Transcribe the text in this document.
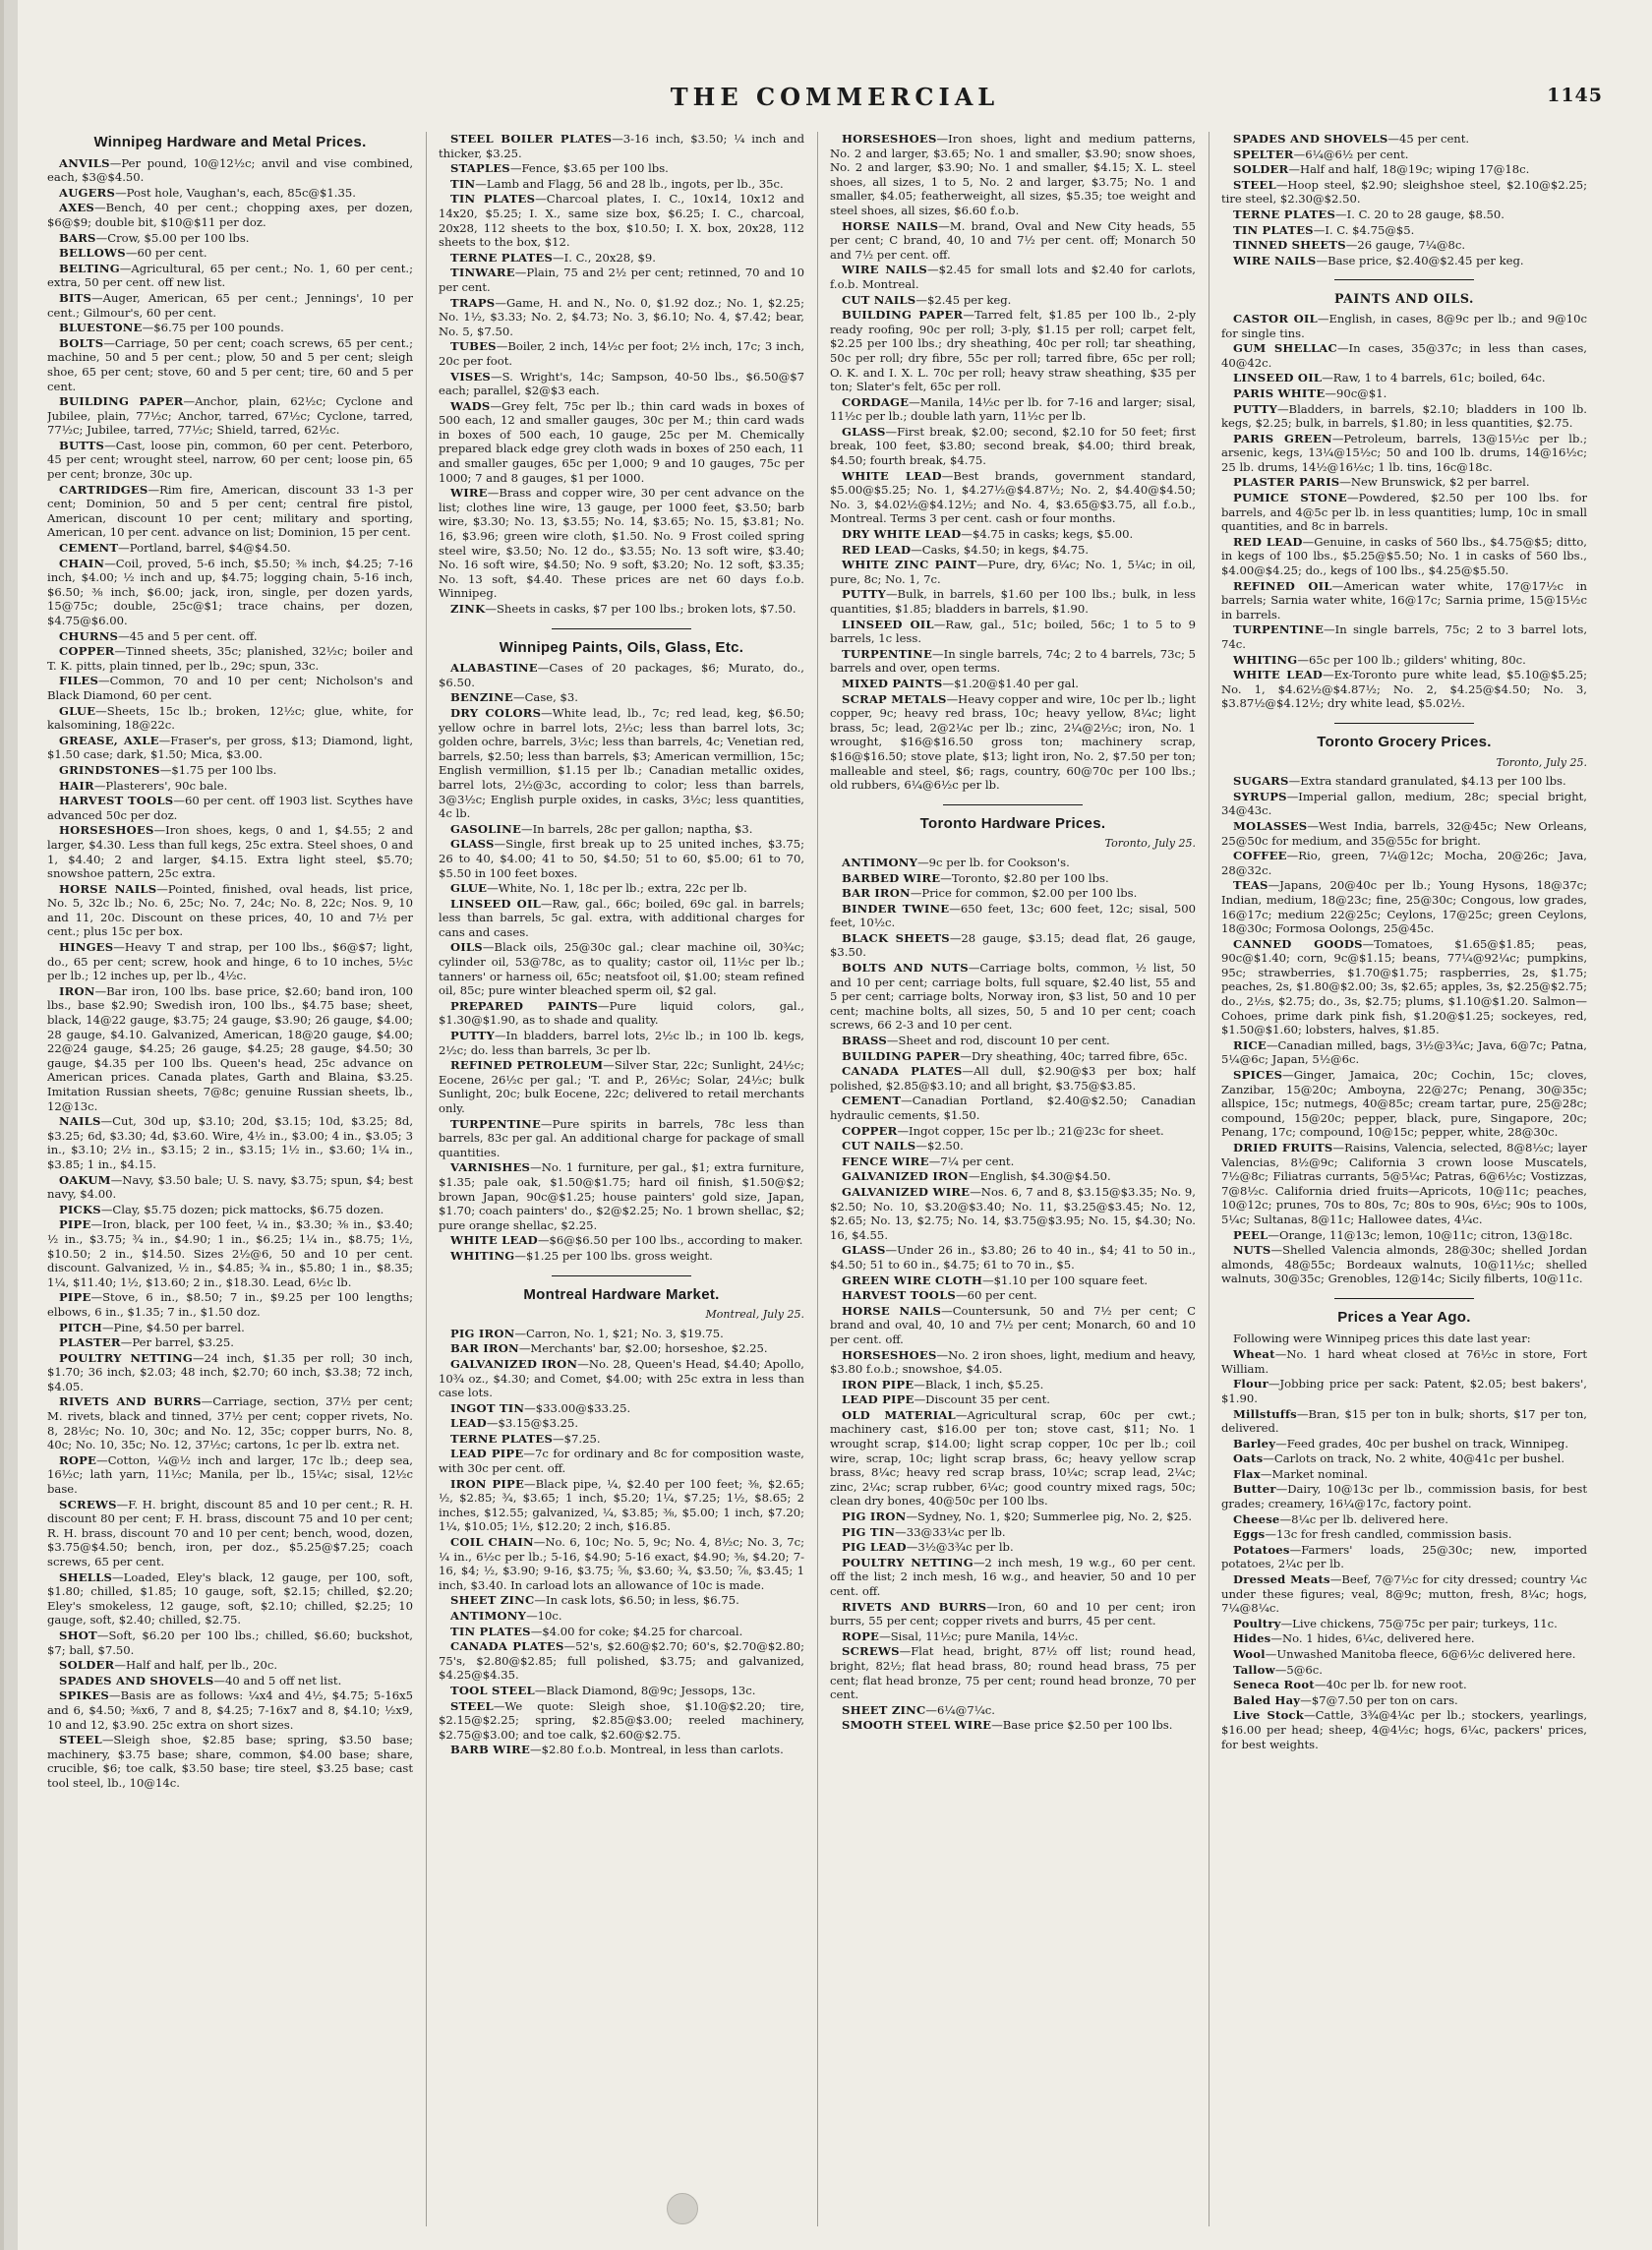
THE COMMERCIAL	1145
Winnipeg Hardware and Metal Prices.
ANVILS—Per pound, 10@12½c; anvil and vise combined, each, $3@$4.50.
AUGERS—Post hole, Vaughan's, each, 85c@$1.35.
AXES—Bench, 40 per cent.; chopping axes, per dozen, $6@$9; double bit, $10@$11 per doz.
BARS—Crow, $5.00 per 100 lbs.
BELLOWS—60 per cent.
BELTING—Agricultural, 65 per cent.; No. 1, 60 per cent.; extra, 50 per cent. off new list.
BITS—Auger, American, 65 per cent.; Jennings', 10 per cent.; Gilmour's, 60 per cent.
BLUESTONE—$6.75 per 100 pounds.
BOLTS—Carriage, 50 per cent; coach screws, 65 per cent.; machine, 50 and 5 per cent.; plow, 50 and 5 per cent; sleigh shoe, 65 per cent; stove, 60 and 5 per cent; tire, 60 and 5 per cent.
BUILDING PAPER—Anchor, plain, 62½c; Cyclone and Jubilee, plain, 77½c; Anchor, tarred, 67½c; Cyclone, tarred, 77½c; Jubilee, tarred, 77½c; Shield, tarred, 62½c.
BUTTS—Cast, loose pin, common, 60 per cent. Peterboro, 45 per cent; wrought steel, narrow, 60 per cent; loose pin, 65 per cent; bronze, 30c up.
CARTRIDGES—Rim fire, American, discount 33 1-3 per cent; Dominion, 50 and 5 per cent; central fire pistol, American, discount 10 per cent; military and sporting, American, 10 per cent. advance on list; Dominion, 15 per cent.
CEMENT—Portland, barrel, $4@$4.50.
CHAIN—Coil, proved, 5-6 inch, $5.50; ⅜ inch, $4.25; 7-16 inch, $4.00; ½ inch and up, $4.75; logging chain, 5-16 inch, $6.50; ⅜ inch, $6.00; jack, iron, single, per dozen yards, 15@75c; double, 25c@$1; trace chains, per dozen, $4.75@$6.00.
CHURNS—45 and 5 per cent. off.
COPPER—Tinned sheets, 35c; planished, 32½c; boiler and T. K. pitts, plain tinned, per lb., 29c; spun, 33c.
FILES—Common, 70 and 10 per cent; Nicholson's and Black Diamond, 60 per cent.
GLUE—Sheets, 15c lb.; broken, 12½c; glue, white, for kalsomining, 18@22c.
GREASE, AXLE—Fraser's, per gross, $13; Diamond, light, $1.50 case; dark, $1.50; Mica, $3.00.
GRINDSTONES—$1.75 per 100 lbs.
HAIR—Plasterers', 90c bale.
HARVEST TOOLS—60 per cent. off 1903 list. Scythes have advanced 50c per doz.
HORSESHOES—Iron shoes, kegs, 0 and 1, $4.55; 2 and larger, $4.30. Less than full kegs, 25c extra. Steel shoes, 0 and 1, $4.40; 2 and larger, $4.15. Extra light steel, $5.70; snowshoe pattern, 25c extra.
HORSE NAILS—Pointed, finished, oval heads, list price, No. 5, 32c lb.; No. 6, 25c; No. 7, 24c; No. 8, 22c; Nos. 9, 10 and 11, 20c. Discount on these prices, 40, 10 and 7½ per cent.; plus 15c per box.
HINGES—Heavy T and strap, per 100 lbs., $6@$7; light, do., 65 per cent; screw, hook and hinge, 6 to 10 inches, 5½c per lb.; 12 inches up, per lb., 4½c.
IRON—Bar iron, 100 lbs. base price, $2.60; band iron, 100 lbs., base $2.90; Swedish iron, 100 lbs., $4.75 base; sheet, black, 14@22 gauge, $3.75; 24 gauge, $3.90; 26 gauge, $4.00; 28 gauge, $4.10. Galvanized, American, 18@20 gauge, $4.00; 22@24 gauge, $4.25; 26 gauge, $4.25; 28 gauge, $4.50; 30 gauge, $4.35 per 100 lbs. Queen's head, 25c advance on American prices. Canada plates, Garth and Blaina, $3.25. Imitation Russian sheets, 7@8c; genuine Russian sheets, lb., 12@13c.
NAILS—Cut, 30d up, $3.10; 20d, $3.15; 10d, $3.25; 8d, $3.25; 6d, $3.30; 4d, $3.60. Wire, 4½ in., $3.00; 4 in., $3.05; 3 in., $3.10; 2½ in., $3.15; 2 in., $3.15; 1½ in., $3.60; 1¼ in., $3.85; 1 in., $4.15.
OAKUM—Navy, $3.50 bale; U. S. navy, $3.75; spun, $4; best navy, $4.00.
PICKS—Clay, $5.75 dozen; pick mattocks, $6.75 dozen.
PIPE—Iron, black, per 100 feet, ¼ in., $3.30; ⅜ in., $3.40; ½ in., $3.75; ¾ in., $4.90; 1 in., $6.25; 1¼ in., $8.75; 1½, $10.50; 2 in., $14.50. Sizes 2½@6, 50 and 10 per cent. discount. Galvanized, ½ in., $4.85; ¾ in., $5.80; 1 in., $8.35; 1¼, $11.40; 1½, $13.60; 2 in., $18.30. Lead, 6½c lb.
PIPE—Stove, 6 in., $8.50; 7 in., $9.25 per 100 lengths; elbows, 6 in., $1.35; 7 in., $1.50 doz.
PITCH—Pine, $4.50 per barrel.
PLASTER—Per barrel, $3.25.
POULTRY NETTING—24 inch, $1.35 per roll; 30 inch, $1.70; 36 inch, $2.03; 48 inch, $2.70; 60 inch, $3.38; 72 inch, $4.05.
RIVETS AND BURRS—Carriage, section, 37½ per cent; M. rivets, black and tinned, 37½ per cent; copper rivets, No. 8, 28½c; No. 10, 30c; and No. 12, 35c; copper burrs, No. 8, 40c; No. 10, 35c; No. 12, 37½c; cartons, 1c per lb. extra net.
ROPE—Cotton, ¼@½ inch and larger, 17c lb.; deep sea, 16½c; lath yarn, 11½c; Manila, per lb., 15¼c; sisal, 12½c base.
SCREWS—F. H. bright, discount 85 and 10 per cent.; R. H. discount 80 per cent; F. H. brass, discount 75 and 10 per cent; R. H. brass, discount 70 and 10 per cent; bench, wood, dozen, $3.75@$4.50; bench, iron, per doz., $5.25@$7.25; coach screws, 65 per cent.
SHELLS—Loaded, Eley's black, 12 gauge, per 100, soft, $1.80; chilled, $1.85; 10 gauge, soft, $2.15; chilled, $2.20; Eley's smokeless, 12 gauge, soft, $2.10; chilled, $2.25; 10 gauge, soft, $2.40; chilled, $2.75.
SHOT—Soft, $6.20 per 100 lbs.; chilled, $6.60; buckshot, $7; ball, $7.50.
SOLDER—Half and half, per lb., 20c.
SPADES AND SHOVELS—40 and 5 off net list.
SPIKES—Basis are as follows: ¼x4 and 4½, $4.75; 5-16x5 and 6, $4.50; ⅜x6, 7 and 8, $4.25; 7-16x7 and 8, $4.10; ½x9, 10 and 12, $3.90. 25c extra on short sizes.
STEEL—Sleigh shoe, $2.85 base; spring, $3.50 base; machinery, $3.75 base; share, common, $4.00 base; share, crucible, $6; toe calk, $3.50 base; tire steel, $3.25 base; cast tool steel, lb., 10@14c.
STEEL BOILER PLATES—3-16 inch, $3.50; ¼ inch and thicker, $3.25.
STAPLES—Fence, $3.65 per 100 lbs.
TIN—Lamb and Flagg, 56 and 28 lb., ingots, per lb., 35c.
TIN PLATES—Charcoal plates, I. C., 10x14, 10x12 and 14x20, $5.25; I. X., same size box, $6.25; I. C., charcoal, 20x28, 112 sheets to the box, $10.50; I. X. box, 20x28, 112 sheets to the box, $12.
TERNE PLATES—I. C., 20x28, $9.
TINWARE—Plain, 75 and 2½ per cent; retinned, 70 and 10 per cent.
TRAPS—Game, H. and N., No. 0, $1.92 doz.; No. 1, $2.25; No. 1½, $3.33; No. 2, $4.73; No. 3, $6.10; No. 4, $7.42; bear, No. 5, $7.50.
TUBES—Boiler, 2 inch, 14½c per foot; 2½ inch, 17c; 3 inch, 20c per foot.
VISES—S. Wright's, 14c; Sampson, 40-50 lbs., $6.50@$7 each; parallel, $2@$3 each.
WADS—Grey felt, 75c per lb.; thin card wads in boxes of 500 each, 12 and smaller gauges, 30c per M.; thin card wads in boxes of 500 each, 10 gauge, 25c per M. Chemically prepared black edge grey cloth wads in boxes of 250 each, 11 and smaller gauges, 65c per 1,000; 9 and 10 gauges, 75c per 1000; 7 and 8 gauges, $1 per 1000.
WIRE—Brass and copper wire, 30 per cent advance on the list; clothes line wire, 13 gauge, per 1000 feet, $3.50; barb wire, $3.30; No. 13, $3.55; No. 14, $3.65; No. 15, $3.81; No. 16, $3.96; green wire cloth, $1.50. No. 9 Frost coiled spring steel wire, $3.50; No. 12 do., $3.55; No. 13 soft wire, $3.40; No. 16 soft wire, $4.50; No. 9 soft, $3.20; No. 12 soft, $3.35; No. 13 soft, $4.40. These prices are net 60 days f.o.b. Winnipeg.
ZINK—Sheets in casks, $7 per 100 lbs.; broken lots, $7.50.
Winnipeg Paints, Oils, Glass, Etc.
ALABASTINE—Cases of 20 packages, $6; Murato, do., $6.50.
BENZINE—Case, $3.
DRY COLORS—White lead, lb., 7c; red lead, keg, $6.50; yellow ochre in barrel lots, 2½c; less than barrel lots, 3c; golden ochre, barrels, 3½c; less than barrels, 4c; Venetian red, barrels, $2.50; less than barrels, $3; American vermillion, 15c; English vermillion, $1.15 per lb.; Canadian metallic oxides, barrel lots, 2½@3c, according to color; less than barrels, 3@3½c; English purple oxides, in casks, 3½c; less quantities, 4c lb.
GASOLINE—In barrels, 28c per gallon; naptha, $3.
GLASS—Single, first break up to 25 united inches, $3.75; 26 to 40, $4.00; 41 to 50, $4.50; 51 to 60, $5.00; 61 to 70, $5.50 in 100 feet boxes.
GLUE—White, No. 1, 18c per lb.; extra, 22c per lb.
LINSEED OIL—Raw, gal., 66c; boiled, 69c gal. in barrels; less than barrels, 5c gal. extra, with additional charges for cans and cases.
OILS—Black oils, 25@30c gal.; clear machine oil, 30¾c; cylinder oil, 53@78c, as to quality; castor oil, 11½c per lb.; tanners' or harness oil, 65c; neatsfoot oil, $1.00; steam refined oil, 85c; pure winter bleached sperm oil, $2 gal.
PREPARED PAINTS—Pure liquid colors, gal., $1.30@$1.90, as to shade and quality.
PUTTY—In bladders, barrel lots, 2½c lb.; in 100 lb. kegs, 2½c; do. less than barrels, 3c per lb.
REFINED PETROLEUM—Silver Star, 22c; Sunlight, 24½c; Eocene, 26½c per gal.; 'T. and P., 26½c; Solar, 24½c; bulk Sunlight, 20c; bulk Eocene, 22c; delivered to retail merchants only.
TURPENTINE—Pure spirits in barrels, 78c less than barrels, 83c per gal. An additional charge for package of small quantities.
VARNISHES—No. 1 furniture, per gal., $1; extra furniture, $1.35; pale oak, $1.50@$1.75; hard oil finish, $1.50@$2; brown Japan, 90c@$1.25; house painters' gold size, Japan, $1.70; coach painters' do., $2@$2.25; No. 1 brown shellac, $2; pure orange shellac, $2.25.
WHITE LEAD—$6@$6.50 per 100 lbs., according to maker.
WHITING—$1.25 per 100 lbs. gross weight.
Montreal Hardware Market.
Montreal, July 25.
PIG IRON—Carron, No. 1, $21; No. 3, $19.75.
BAR IRON—Merchants' bar, $2.00; horseshoe, $2.25.
GALVANIZED IRON—No. 28, Queen's Head, $4.40; Apollo, 10¾ oz., $4.30; and Comet, $4.00; with 25c extra in less than case lots.
INGOT TIN—$33.00@$33.25.
LEAD—$3.15@$3.25.
TERNE PLATES—$7.25.
LEAD PIPE—7c for ordinary and 8c for composition waste, with 30c per cent. off.
IRON PIPE—Black pipe, ¼, $2.40 per 100 feet; ⅜, $2.65; ½, $2.85; ¾, $3.65; 1 inch, $5.20; 1¼, $7.25; 1½, $8.65; 2 inches, $12.55; galvanized, ¼, $3.85; ⅜, $5.00; 1 inch, $7.20; 1¼, $10.05; 1½, $12.20; 2 inch, $16.85.
COIL CHAIN—No. 6, 10c; No. 5, 9c; No. 4, 8½c; No. 3, 7c; ¼ in., 6½c per lb.; 5-16, $4.90; 5-16 exact, $4.90; ⅜, $4.20; 7-16, $4; ½, $3.90; 9-16, $3.75; ⅝, $3.60; ¾, $3.50; ⅞, $3.45; 1 inch, $3.40. In carload lots an allowance of 10c is made.
SHEET ZINC—In cask lots, $6.50; in less, $6.75.
ANTIMONY—10c.
TIN PLATES—$4.00 for coke; $4.25 for charcoal.
CANADA PLATES—52's, $2.60@$2.70; 60's, $2.70@$2.80; 75's, $2.80@$2.85; full polished, $3.75; and galvanized, $4.25@$4.35.
TOOL STEEL—Black Diamond, 8@9c; Jessops, 13c.
STEEL—We quote: Sleigh shoe, $1.10@$2.20; tire, $2.15@$2.25; spring, $2.85@$3.00; reeled machinery, $2.75@$3.00; and toe calk, $2.60@$2.75.
BARB WIRE—$2.80 f.o.b. Montreal, in less than carlots.
HORSESHOES—Iron shoes, light and medium patterns, No. 2 and larger, $3.65; No. 1 and smaller, $3.90; snow shoes, No. 2 and larger, $3.90; No. 1 and smaller, $4.15; X. L. steel shoes, all sizes, 1 to 5, No. 2 and larger, $3.75; No. 1 and smaller, $4.05; featherweight, all sizes, $5.35; toe weight and steel shoes, all sizes, $6.60 f.o.b.
HORSE NAILS—M. brand, Oval and New City heads, 55 per cent; C brand, 40, 10 and 7½ per cent. off; Monarch 50 and 7½ per cent. off.
WIRE NAILS—$2.45 for small lots and $2.40 for carlots, f.o.b. Montreal.
CUT NAILS—$2.45 per keg.
BUILDING PAPER—Tarred felt, $1.85 per 100 lb., 2-ply ready roofing, 90c per roll; 3-ply, $1.15 per roll; carpet felt, $2.25 per 100 lbs.; dry sheathing, 40c per roll; tar sheathing, 50c per roll; dry fibre, 55c per roll; tarred fibre, 65c per roll; O. K. and I. X. L. 70c per roll; heavy straw sheathing, $35 per ton; Slater's felt, 65c per roll.
CORDAGE—Manila, 14½c per lb. for 7-16 and larger; sisal, 11½c per lb.; double lath yarn, 11½c per lb.
GLASS—First break, $2.00; second, $2.10 for 50 feet; first break, 100 feet, $3.80; second break, $4.00; third break, $4.50; fourth break, $4.75.
WHITE LEAD—Best brands, government standard, $5.00@$5.25; No. 1, $4.27½@$4.87½; No. 2, $4.40@$4.50; No. 3, $4.02½@$4.12½; and No. 4, $3.65@$3.75, all f.o.b., Montreal. Terms 3 per cent. cash or four months.
DRY WHITE LEAD—$4.75 in casks; kegs, $5.00.
RED LEAD—Casks, $4.50; in kegs, $4.75.
WHITE ZINC PAINT—Pure, dry, 6¼c; No. 1, 5¼c; in oil, pure, 8c; No. 1, 7c.
PUTTY—Bulk, in barrels, $1.60 per 100 lbs.; bulk, in less quantities, $1.85; bladders in barrels, $1.90.
LINSEED OIL—Raw, gal., 51c; boiled, 56c; 1 to 5 to 9 barrels, 1c less.
TURPENTINE—In single barrels, 74c; 2 to 4 barrels, 73c; 5 barrels and over, open terms.
MIXED PAINTS—$1.20@$1.40 per gal.
SCRAP METALS—Heavy copper and wire, 10c per lb.; light copper, 9c; heavy red brass, 10c; heavy yellow, 8¼c; light brass, 5c; lead, 2@2¼c per lb.; zinc, 2¼@2½c; iron, No. 1 wrought, $16@$16.50 gross ton; machinery scrap, $16@$16.50; stove plate, $13; light iron, No. 2, $7.50 per ton; malleable and steel, $6; rags, country, 60@70c per 100 lbs.; old rubbers, 6¼@6½c per lb.
Toronto Hardware Prices.
Toronto, July 25.
ANTIMONY—9c per lb. for Cookson's.
BARBED WIRE—Toronto, $2.80 per 100 lbs.
BAR IRON—Price for common, $2.00 per 100 lbs.
BINDER TWINE—650 feet, 13c; 600 feet, 12c; sisal, 500 feet, 10½c.
BLACK SHEETS—28 gauge, $3.15; dead flat, 26 gauge, $3.50.
BOLTS AND NUTS—Carriage bolts, common, ½ list, 50 and 10 per cent; carriage bolts, full square, $2.40 list, 55 and 5 per cent; carriage bolts, Norway iron, $3 list, 50 and 10 per cent; machine bolts, all sizes, 50, 5 and 10 per cent; coach screws, 66 2-3 and 10 per cent.
BRASS—Sheet and rod, discount 10 per cent.
BUILDING PAPER—Dry sheathing, 40c; tarred fibre, 65c.
CANADA PLATES—All dull, $2.90@$3 per box; half polished, $2.85@$3.10; and all bright, $3.75@$3.85.
CEMENT—Canadian Portland, $2.40@$2.50; Canadian hydraulic cements, $1.50.
COPPER—Ingot copper, 15c per lb.; 21@23c for sheet.
CUT NAILS—$2.50.
FENCE WIRE—7¼ per cent.
GALVANIZED IRON—English, $4.30@$4.50.
GALVANIZED WIRE—Nos. 6, 7 and 8, $3.15@$3.35; No. 9, $2.50; No. 10, $3.20@$3.40; No. 11, $3.25@$3.45; No. 12, $2.65; No. 13, $2.75; No. 14, $3.75@$3.95; No. 15, $4.30; No. 16, $4.55.
GLASS—Under 26 in., $3.80; 26 to 40 in., $4; 41 to 50 in., $4.50; 51 to 60 in., $4.75; 61 to 70 in., $5.
GREEN WIRE CLOTH—$1.10 per 100 square feet.
HARVEST TOOLS—60 per cent.
HORSE NAILS—Countersunk, 50 and 7½ per cent; C brand and oval, 40, 10 and 7½ per cent; Monarch, 60 and 10 per cent. off.
HORSESHOES—No. 2 iron shoes, light, medium and heavy, $3.80 f.o.b.; snowshoe, $4.05.
IRON PIPE—Black, 1 inch, $5.25.
LEAD PIPE—Discount 35 per cent.
OLD MATERIAL—Agricultural scrap, 60c per cwt.; machinery cast, $16.00 per ton; stove cast, $11; No. 1 wrought scrap, $14.00; light scrap copper, 10c per lb.; coil wire, scrap, 10c; light scrap brass, 6c; heavy yellow scrap brass, 8¼c; heavy red scrap brass, 10¼c; scrap lead, 2¼c; zinc, 2¼c; scrap rubber, 6¼c; good country mixed rags, 50c; clean dry bones, 40@50c per 100 lbs.
PIG IRON—Sydney, No. 1, $20; Summerlee pig, No. 2, $25.
PIG TIN—33@33¼c per lb.
PIG LEAD—3½@3¾c per lb.
POULTRY NETTING—2 inch mesh, 19 w.g., 60 per cent. off the list; 2 inch mesh, 16 w.g., and heavier, 50 and 10 per cent. off.
RIVETS AND BURRS—Iron, 60 and 10 per cent; iron burrs, 55 per cent; copper rivets and burrs, 45 per cent.
ROPE—Sisal, 11½c; pure Manila, 14½c.
SCREWS—Flat head, bright, 87½ off list; round head, bright, 82½; flat head brass, 80; round head brass, 75 per cent; flat head bronze, 75 per cent; round head bronze, 70 per cent.
SHEET ZINC—6¼@7¼c.
SMOOTH STEEL WIRE—Base price $2.50 per 100 lbs.
SPADES AND SHOVELS—45 per cent.
SPELTER—6¼@6½ per cent.
SOLDER—Half and half, 18@19c; wiping 17@18c.
STEEL—Hoop steel, $2.90; sleighshoe steel, $2.10@$2.25; tire steel, $2.30@$2.50.
TERNE PLATES—I. C. 20 to 28 gauge, $8.50.
TIN PLATES—I. C. $4.75@$5.
TINNED SHEETS—26 gauge, 7¼@8c.
WIRE NAILS—Base price, $2.40@$2.45 per keg.
PAINTS AND OILS.
CASTOR OIL—English, in cases, 8@9c per lb.; and 9@10c for single tins.
GUM SHELLAC—In cases, 35@37c; in less than cases, 40@42c.
LINSEED OIL—Raw, 1 to 4 barrels, 61c; boiled, 64c.
PARIS WHITE—90c@$1.
PUTTY—Bladders, in barrels, $2.10; bladders in 100 lb. kegs, $2.25; bulk, in barrels, $1.80; in less quantities, $2.75.
PARIS GREEN—Petroleum, barrels, 13@15½c per lb.; arsenic, kegs, 13¼@15½c; 50 and 100 lb. drums, 14@16½c; 25 lb. drums, 14½@16½c; 1 lb. tins, 16c@18c.
PLASTER PARIS—New Brunswick, $2 per barrel.
PUMICE STONE—Powdered, $2.50 per 100 lbs. for barrels, and 4@5c per lb. in less quantities; lump, 10c in small quantities, and 8c in barrels.
RED LEAD—Genuine, in casks of 560 lbs., $4.75@$5; ditto, in kegs of 100 lbs., $5.25@$5.50; No. 1 in casks of 560 lbs., $4.00@$4.25; do., kegs of 100 lbs., $4.25@$5.50.
REFINED OIL—American water white, 17@17½c in barrels; Sarnia water white, 16@17c; Sarnia prime, 15@15½c in barrels.
TURPENTINE—In single barrels, 75c; 2 to 3 barrel lots, 74c.
WHITING—65c per 100 lb.; gilders' whiting, 80c.
WHITE LEAD—Ex-Toronto pure white lead, $5.10@$5.25; No. 1, $4.62½@$4.87½; No. 2, $4.25@$4.50; No. 3, $3.87½@$4.12½; dry white lead, $5.02½.
Toronto Grocery Prices.
Toronto, July 25.
SUGARS—Extra standard granulated, $4.13 per 100 lbs.
SYRUPS—Imperial gallon, medium, 28c; special bright, 34@43c.
MOLASSES—West India, barrels, 32@45c; New Orleans, 25@50c for medium, and 35@55c for bright.
COFFEE—Rio, green, 7¼@12c; Mocha, 20@26c; Java, 28@32c.
TEAS—Japans, 20@40c per lb.; Young Hysons, 18@37c; Indian, medium, 18@23c; fine, 25@30c; Congous, low grades, 16@17c; medium 22@25c; Ceylons, 17@25c; green Ceylons, 18@30c; Formosa Oolongs, 25@45c.
CANNED GOODS—Tomatoes, $1.65@$1.85; peas, 90c@$1.40; corn, 9c@$1.15; beans, 77¼@92¼c; pumpkins, 95c; strawberries, $1.70@$1.75; raspberries, 2s, $1.75; peaches, 2s, $1.80@$2.00; 3s, $2.65; apples, 3s, $2.25@$2.75; do., 2½s, $2.75; do., 3s, $2.75; plums, $1.10@$1.20. Salmon—Cohoes, prime dark pink fish, $1.20@$1.25; sockeyes, red, $1.50@$1.60; lobsters, halves, $1.85.
RICE—Canadian milled, bags, 3½@3¾c; Java, 6@7c; Patna, 5¼@6c; Japan, 5½@6c.
SPICES—Ginger, Jamaica, 20c; Cochin, 15c; cloves, Zanzibar, 15@20c; Amboyna, 22@27c; Penang, 30@35c; allspice, 15c; nutmegs, 40@85c; cream tartar, pure, 25@28c; compound, 15@20c; pepper, black, pure, Singapore, 20c; Penang, 17c; compound, 10@15c; pepper, white, 28@30c.
DRIED FRUITS—Raisins, Valencia, selected, 8@8½c; layer Valencias, 8½@9c; California 3 crown loose Muscatels, 7½@8c; Filiatras currants, 5@5¼c; Patras, 6@6½c; Vostizzas, 7@8½c. California dried fruits—Apricots, 10@11c; peaches, 10@12c; prunes, 70s to 80s, 7c; 80s to 90s, 6½c; 90s to 100s, 5¼c; Sultanas, 8@11c; Hallowee dates, 4¼c.
PEEL—Orange, 11@13c; lemon, 10@11c; citron, 13@18c.
NUTS—Shelled Valencia almonds, 28@30c; shelled Jordan almonds, 48@55c; Bordeaux walnuts, 10@11½c; shelled walnuts, 30@35c; Grenobles, 12@14c; Sicily filberts, 10@11c.
Prices a Year Ago.
Following were Winnipeg prices this date last year:
Wheat—No. 1 hard wheat closed at 76½c in store, Fort William.
Flour—Jobbing price per sack: Patent, $2.05; best bakers', $1.90.
Millstuffs—Bran, $15 per ton in bulk; shorts, $17 per ton, delivered.
Barley—Feed grades, 40c per bushel on track, Winnipeg.
Oats—Carlots on track, No. 2 white, 40@41c per bushel.
Flax—Market nominal.
Butter—Dairy, 10@13c per lb., commission basis, for best grades; creamery, 16¼@17c, factory point.
Cheese—8¼c per lb. delivered here.
Eggs—13c for fresh candled, commission basis.
Potatoes—Farmers' loads, 25@30c; new, imported potatoes, 2¼c per lb.
Dressed Meats—Beef, 7@7½c for city dressed; country ¼c under these figures; veal, 8@9c; mutton, fresh, 8¼c; hogs, 7¼@8¼c.
Poultry—Live chickens, 75@75c per pair; turkeys, 11c.
Hides—No. 1 hides, 6¼c, delivered here.
Wool—Unwashed Manitoba fleece, 6@6½c delivered here.
Tallow—5@6c.
Seneca Root—40c per lb. for new root.
Baled Hay—$7@7.50 per ton on cars.
Live Stock—Cattle, 3¾@4¼c per lb.; stockers, yearlings, $16.00 per head; sheep, 4@4½c; hogs, 6¼c, packers' prices, for best weights.
